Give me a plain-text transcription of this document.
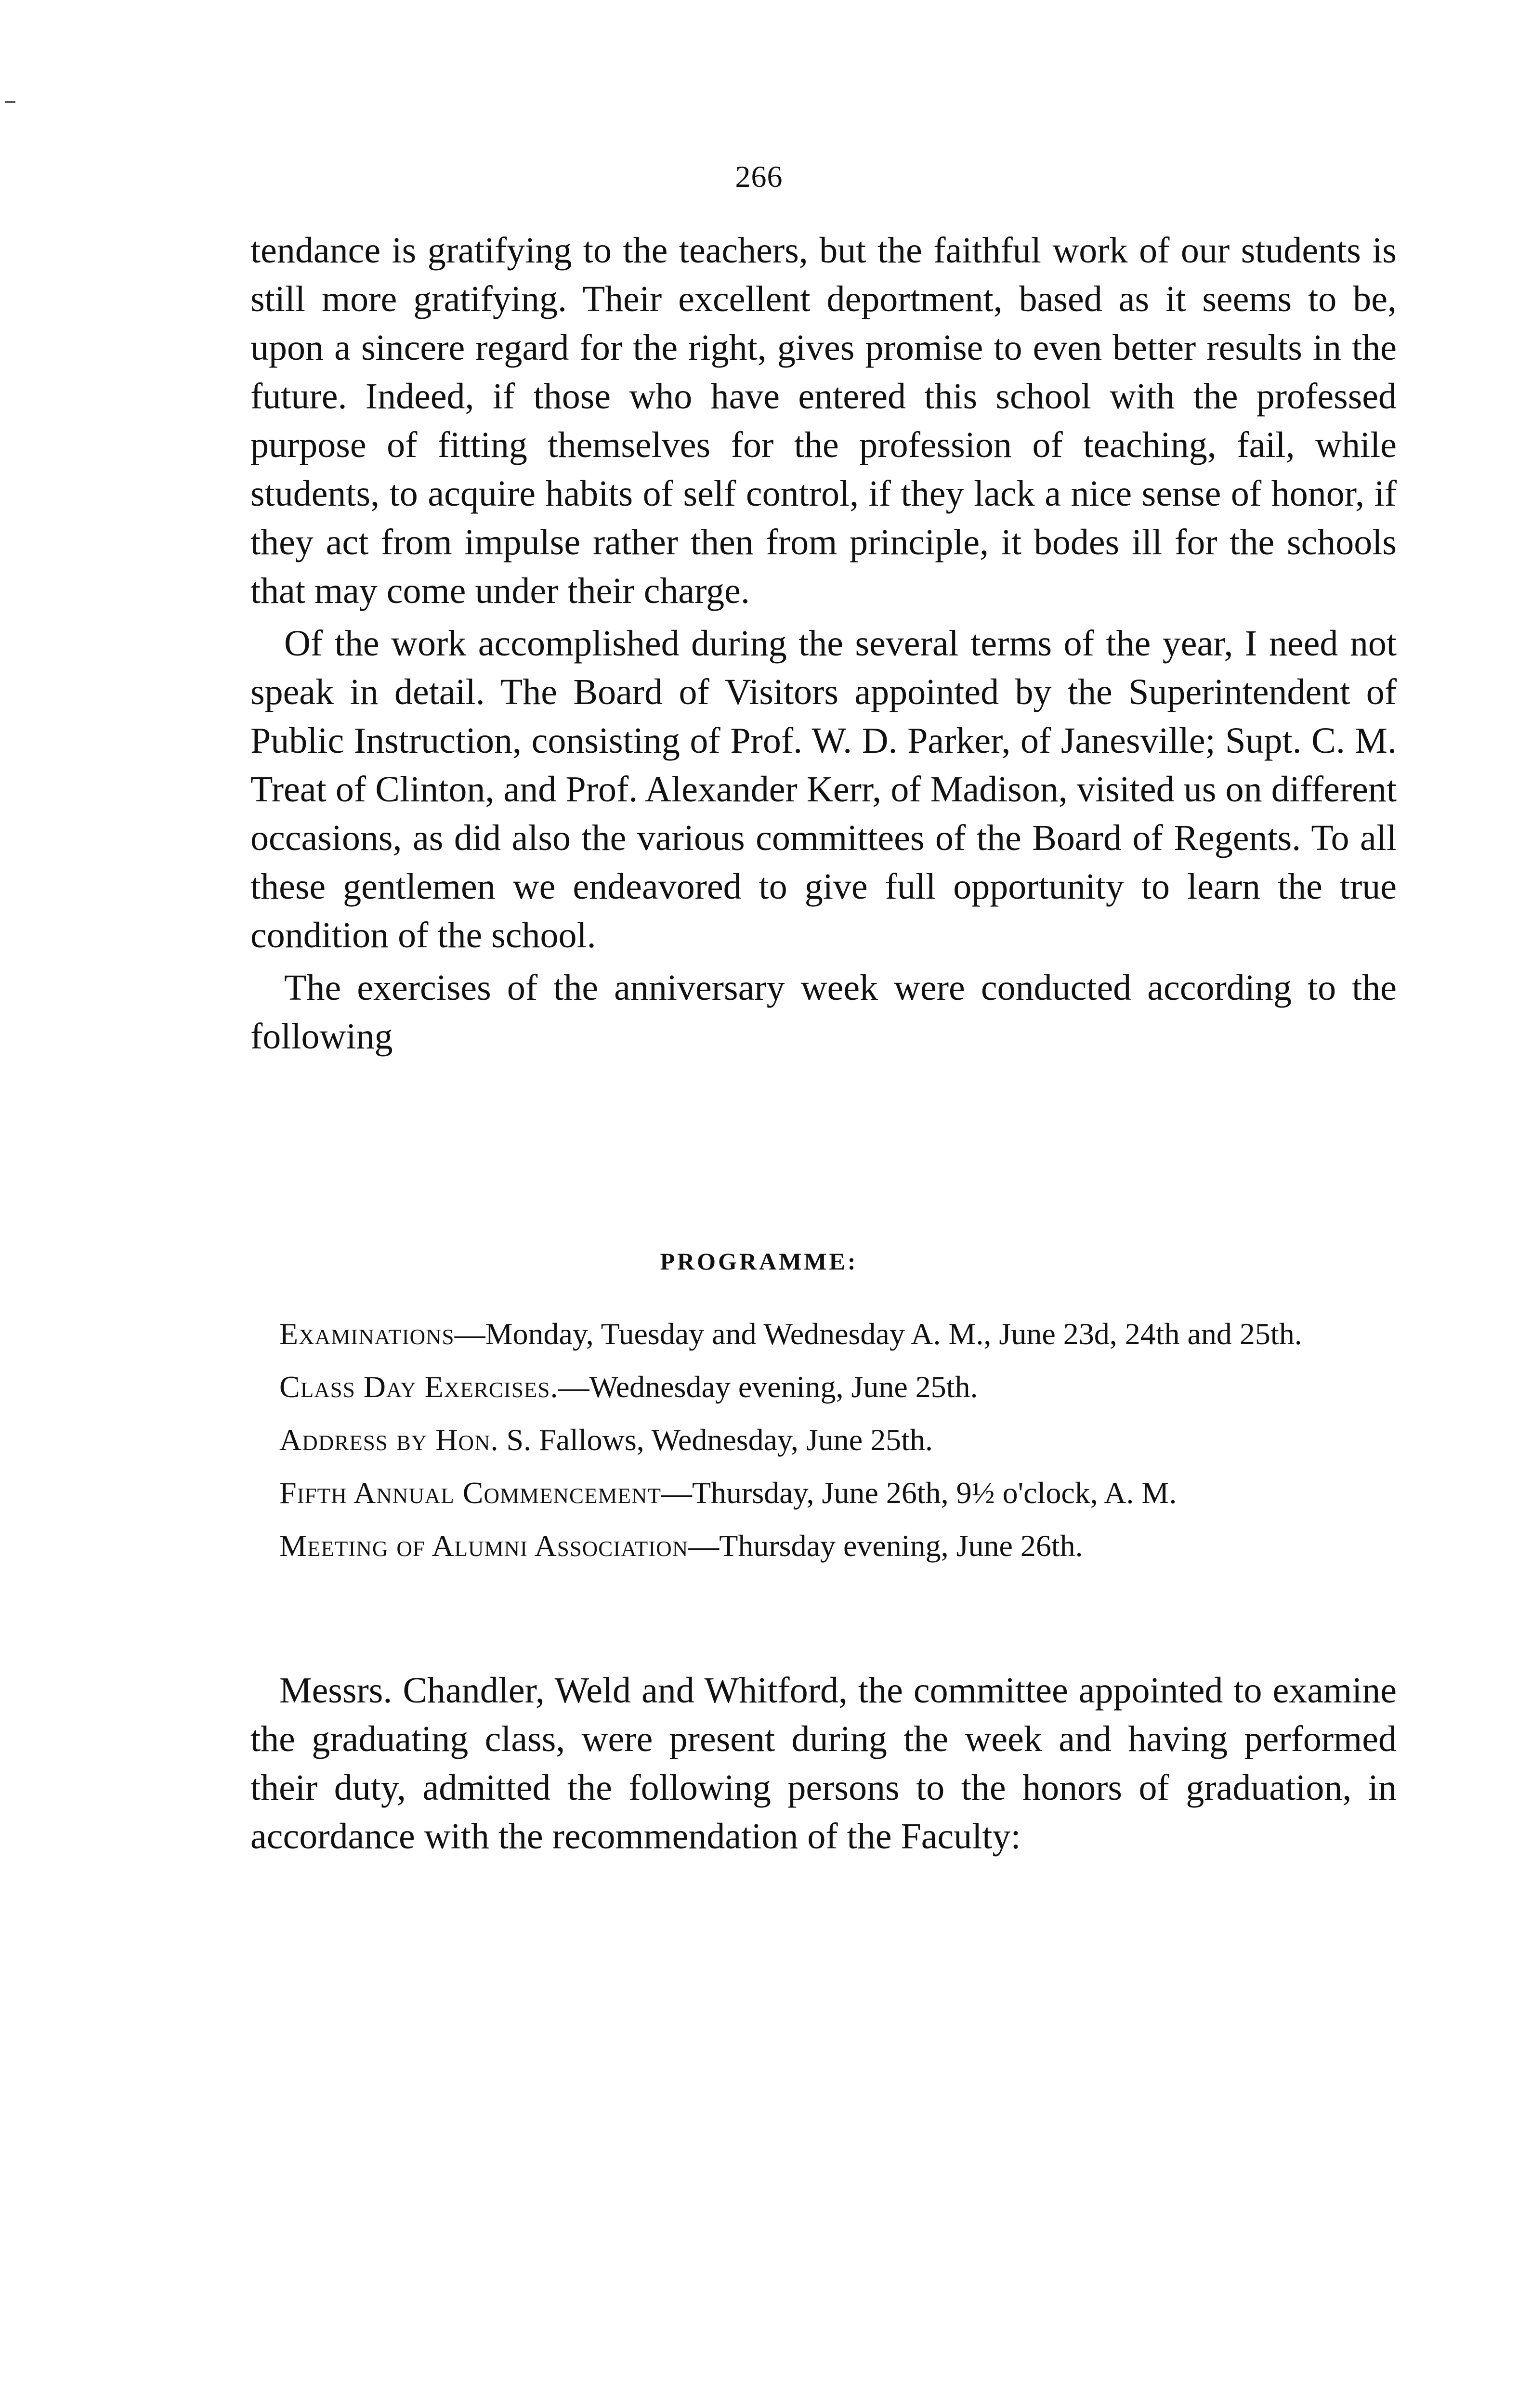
266

tendance is gratifying to the teachers, but the faithful work of our students is still more gratifying. Their excellent deportment, based as it seems to be, upon a sincere regard for the right, gives promise to even better results in the future. Indeed, if those who have entered this school with the professed purpose of fitting themselves for the profession of teaching, fail, while students, to acquire habits of self control, if they lack a nice sense of honor, if they act from impulse rather then from principle, it bodes ill for the schools that may come under their charge.

Of the work accomplished during the several terms of the year, I need not speak in detail. The Board of Visitors appointed by the Superintendent of Public Instruction, consisting of Prof. W. D. Parker, of Janesville; Supt. C. M. Treat of Clinton, and Prof. Alexander Kerr, of Madison, visited us on different occasions, as did also the various committees of the Board of Regents. To all these gentlemen we endeavored to give full opportunity to learn the true condition of the school.

The exercises of the anniversary week were conducted according to the following

PROGRAMME:

Examinations—Monday, Tuesday and Wednesday A. M., June 23d, 24th and 25th.

Class Day Exercises.—Wednesday evening, June 25th.

Address by Hon. S. Fallows, Wednesday, June 25th.

Fifth Annual Commencement—Thursday, June 26th, 9½ o'clock, A. M.

Meeting of Alumni Association—Thursday evening, June 26th.

Messrs. Chandler, Weld and Whitford, the committee appointed to examine the graduating class, were present during the week and having performed their duty, admitted the following persons to the honors of graduation, in accordance with the recommendation of the Faculty:
